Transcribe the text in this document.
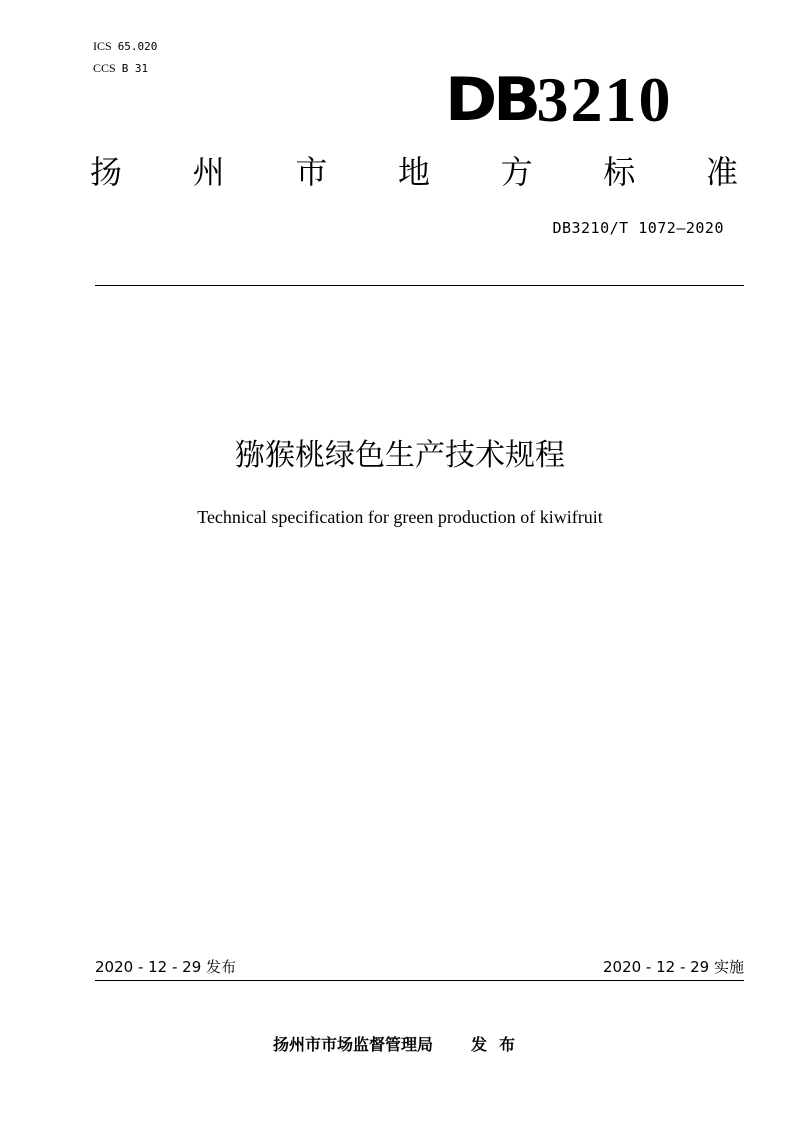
ICS 65.020
CCS B 31	DB 3210
扬 州 市 地 方 标 准
DB3210/T 1072—2020
猕猴桃绿色生产技术规程
Technical specification for green production of kiwifruit
2020 - 12 - 29 发布	2020 - 12 - 29 实施
扬州市市场监督管理局 发布
